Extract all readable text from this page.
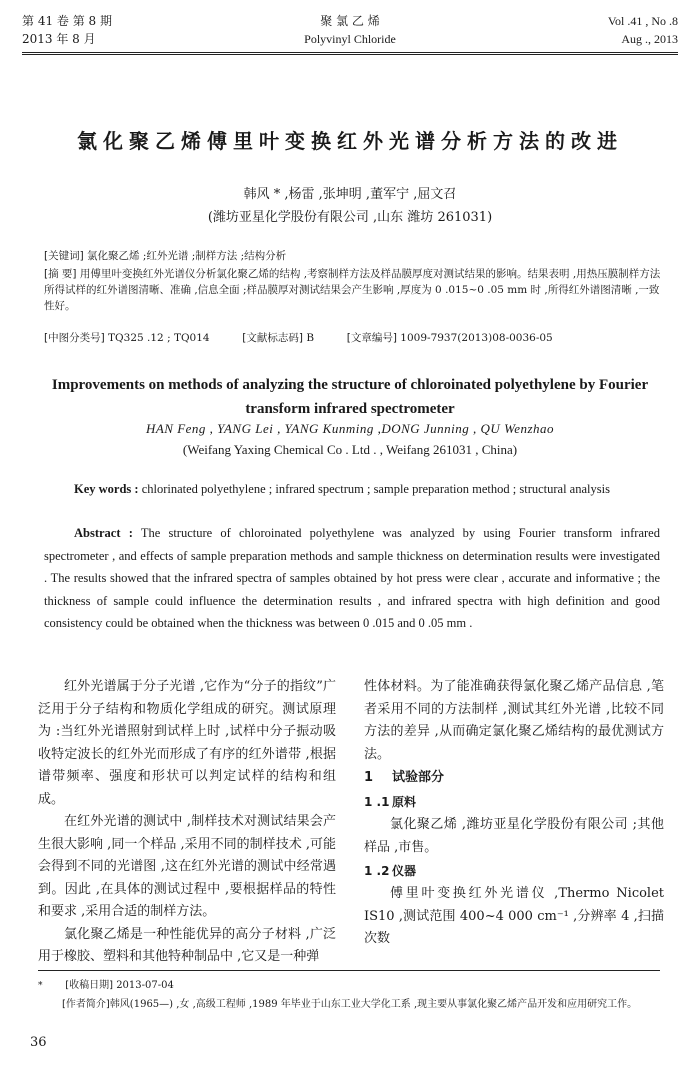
第 41 卷 第 8 期
2013 年 8 月
聚 氯 乙 烯
Polyvinyl Chloride
Vol .41 , No .8
Aug ., 2013
氯化聚乙烯傅里叶变换红外光谱分析方法的改进
韩风 * ,杨雷 ,张坤明 ,董军宁 ,屈文召
(潍坊亚星化学股份有限公司 ,山东 潍坊 261031)
[关键词] 氯化聚乙烯 ;红外光谱 ;制样方法 ;结构分析
[摘 要] 用傅里叶变换红外光谱仪分析氯化聚乙烯的结构 ,考察制样方法及样品膜厚度对测试结果的影响。结果表明 ,用热压膜制样方法所得试样的红外谱图清晰、准确 ,信息全面 ;样品膜厚对测试结果会产生影响 ,厚度为 0 .015~0 .05 mm 时 ,所得红外谱图清晰 ,一致性好。
[中图分类号] TQ325 .12 ; TQ014	[文献标志码] B	[文章编号] 1009-7937(2013)08-0036-05
Improvements on methods of analyzing the structure of chloroinated polyethylene by Fourier transform infrared spectrometer
HAN Feng , YANG Lei , YANG Kunming ,DONG Junning , QU Wenzhao
(Weifang Yaxing Chemical Co . Ltd . , Weifang 261031 , China)
Key words : chlorinated polyethylene ; infrared spectrum ; sample preparation method ; structural analysis
Abstract : The structure of chloroinated polyethylene was analyzed by using Fourier transform infrared spectrometer , and effects of sample preparation methods and sample thickness on determination results were investigated . The results showed that the infrared spectra of samples obtained by hot press were clear , accurate and informative ; the thickness of sample could influence the determination results , and infrared spectra with high definition and good consistency could be obtained when the thickness was between 0 .015 and 0 .05 mm .

红外光谱属于分子光谱 ,它作为“分子的指纹”广泛用于分子结构和物质化学组成的研究。测试原理为 :当红外光谱照射到试样上时 ,试样中分子振动吸收特定波长的红外光而形成了有序的红外谱带 ,根据谱带频率、强度和形状可以判定试样的结构和组成。

在红外光谱的测试中 ,制样技术对测试结果会产生很大影响 ,同一个样品 ,采用不同的制样技术 ,可能会得到不同的光谱图 ,这在红外光谱的测试中经常遇到。因此 ,在具体的测试过程中 ,要根据样品的特性和要求 ,采用合适的制样方法。

氯化聚乙烯是一种性能优异的高分子材料 ,广泛用于橡胶、塑料和其他特种制品中 ,它又是一种弹

性体材料。为了能准确获得氯化聚乙烯产品信息 ,笔者采用不同的方法制样 ,测试其红外光谱 ,比较不同方法的差异 ,从而确定氯化聚乙烯结构的最优测试方法。

1 试验部分
1 .1 原料

氯化聚乙烯 ,潍坊亚星化学股份有限公司 ;其他样品 ,市售。

1 .2 仪器

傅里叶变换红外光谱仪 ,Thermo Nicolet IS10 ,测试范围 400~4 000 cm⁻¹ ,分辨率 4 ,扫描次数

* [收稿日期] 2013-07-04
[作者简介]韩风(1965—) ,女 ,高级工程师 ,1989 年毕业于山东工业大学化工系 ,现主要从事氯化聚乙烯产品开发和应用研究工作。
36
